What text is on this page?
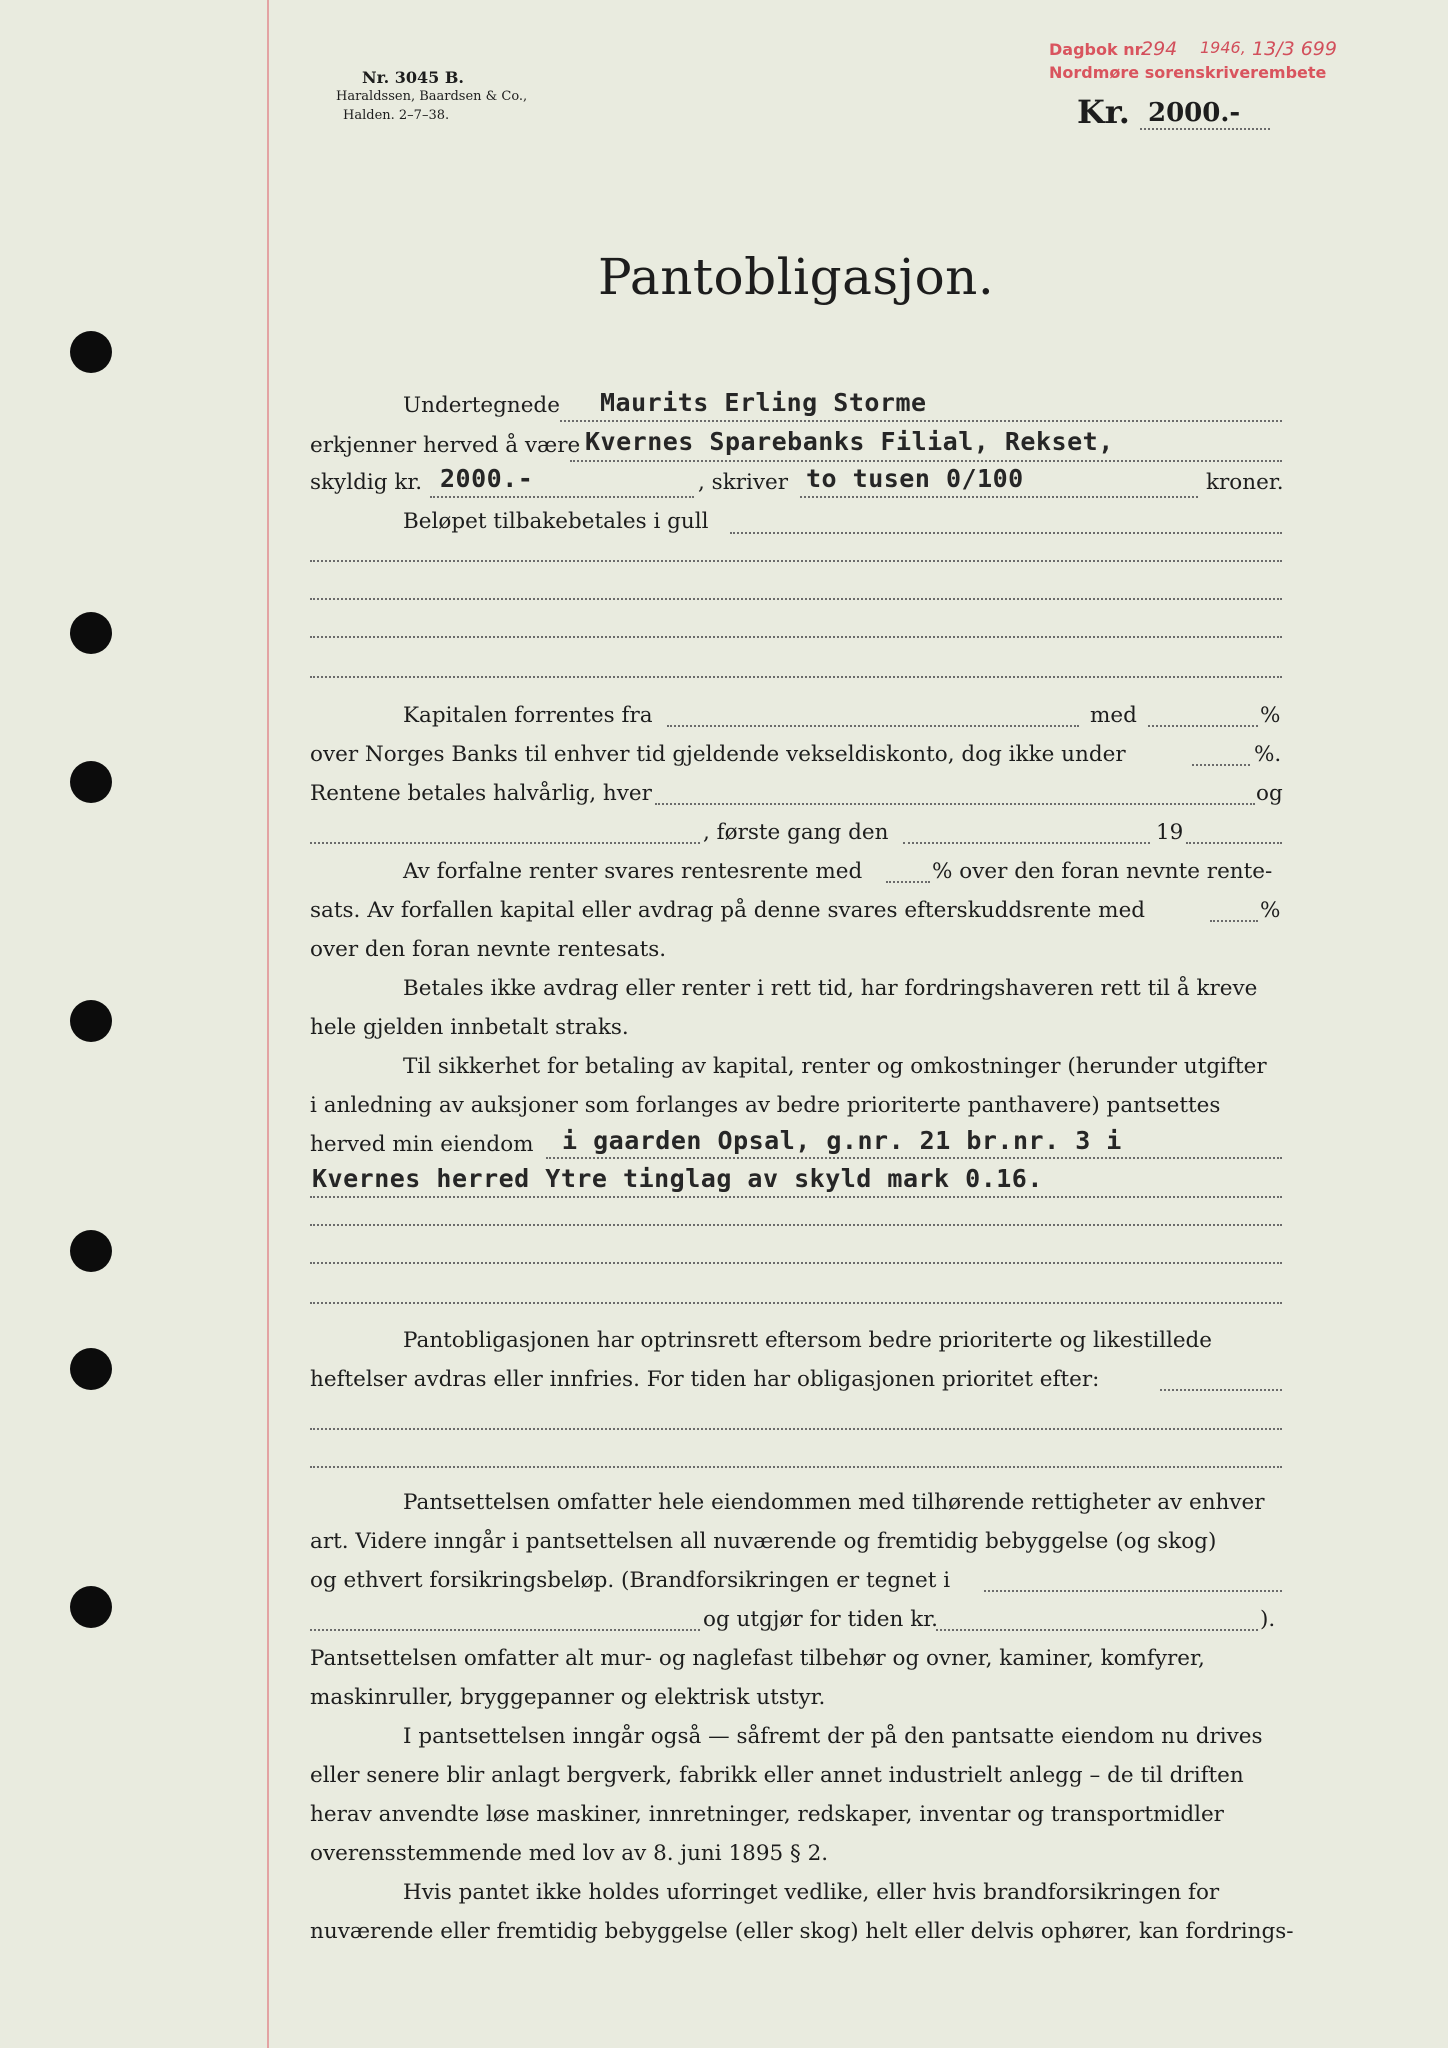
Nr. 3045 B.
Haraldssen, Baardsen & Co.,
Halden. 2–7–38.
Dagbok nr.
294 1946, 13/3 699
Nordmøre sorenskriverembete
Kr. 2000.-
Pantobligasjon.
Undertegnede Maurits Erling Storme
erkjenner herved å være Kvernes Sparebanks Filial, Rekset,
skyldig kr. 2000.-	, skriver to tusen 0/100	kroner.
Beløpet tilbakebetales i gull
Kapitalen forrentes fra	med	%
over Norges Banks til enhver tid gjeldende vekseldiskonto, dog ikke under	%.
Rentene betales halvårlig, hver	og
, første gang den	19
Av forfalne renter svares rentesrente med	% over den foran nevnte rente-
sats. Av forfallen kapital eller avdrag på denne svares efterskuddsrente med	%
over den foran nevnte rentesats.
Betales ikke avdrag eller renter i rett tid, har fordringshaveren rett til å kreve
hele gjelden innbetalt straks.
Til sikkerhet for betaling av kapital, renter og omkostninger (herunder utgifter
i anledning av auksjoner som forlanges av bedre prioriterte panthavere) pantsettes
herved min eiendom i gaarden Opsal, g.nr. 21 br.nr. 3 i
Kvernes herred Ytre tinglag av skyld mark 0.16.
Pantobligasjonen har optrinsrett eftersom bedre prioriterte og likestillede
heftelser avdras eller innfries. For tiden har obligasjonen prioritet efter:
Pantsettelsen omfatter hele eiendommen med tilhørende rettigheter av enhver
art. Videre inngår i pantsettelsen all nuværende og fremtidig bebyggelse (og skog)
og ethvert forsikringsbeløp. (Brandforsikringen er tegnet i
og utgjør for tiden kr.	).
Pantsettelsen omfatter alt mur- og naglefast tilbehør og ovner, kaminer, komfyrer,
maskinruller, bryggepanner og elektrisk utstyr.
I pantsettelsen inngår også — såfremt der på den pantsatte eiendom nu drives
eller senere blir anlagt bergverk, fabrikk eller annet industrielt anlegg – de til driften
herav anvendte løse maskiner, innretninger, redskaper, inventar og transportmidler
overensstemmende med lov av 8. juni 1895 § 2.
Hvis pantet ikke holdes uforringet vedlike, eller hvis brandforsikringen for
nuværende eller fremtidig bebyggelse (eller skog) helt eller delvis ophører, kan fordrings-
